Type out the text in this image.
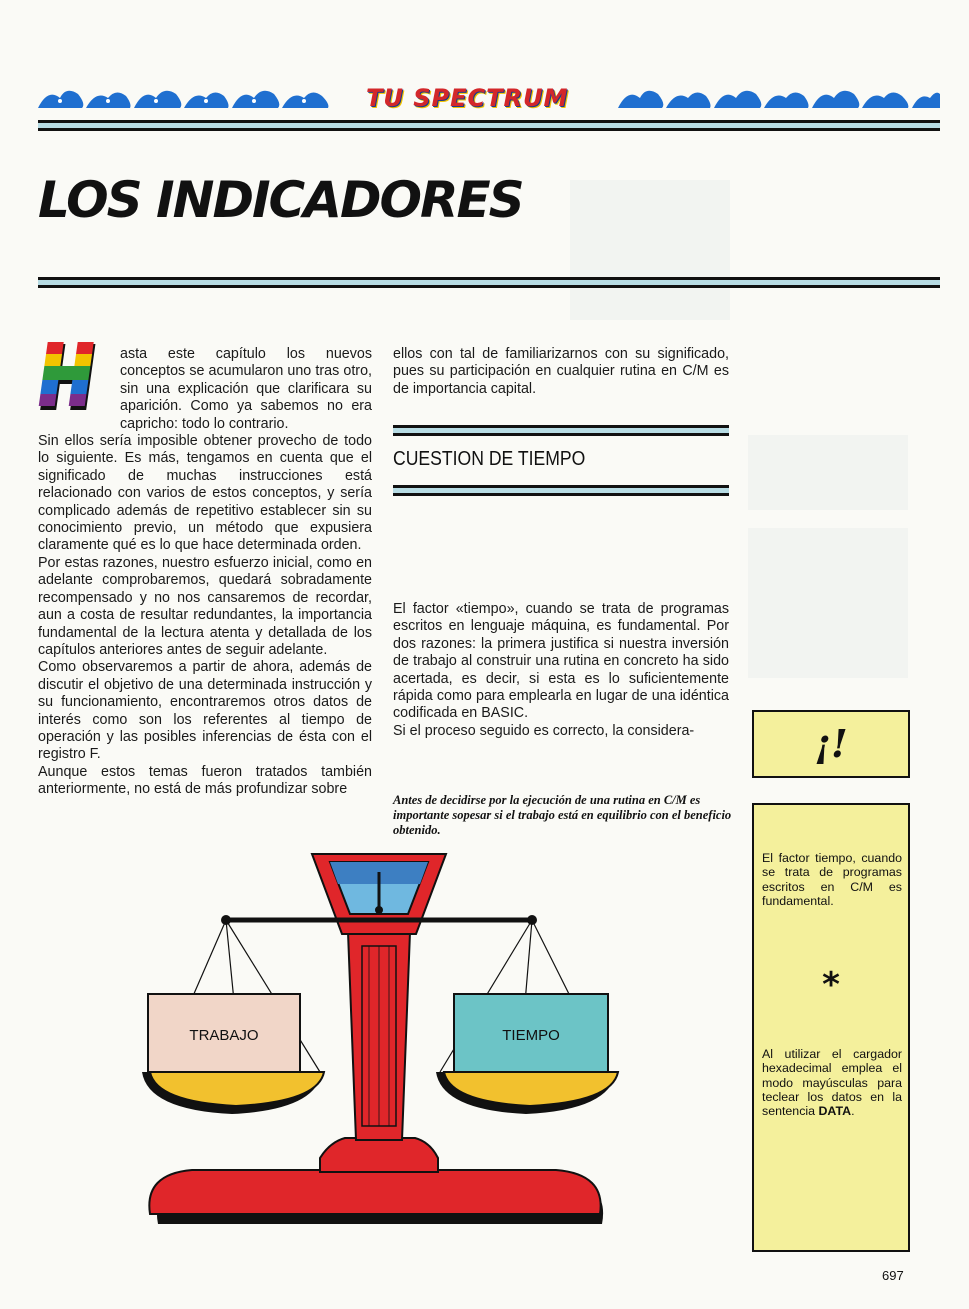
TU SPECTRUM
LOS INDICADORES

asta este capítulo los nuevos conceptos se acumularon uno tras otro, sin una explicación que clarificara su aparición. Como ya sabemos no era capricho: todo lo contrario.

Sin ellos sería imposible obtener provecho de todo lo siguiente. Es más, tengamos en cuenta que el significado de muchas instrucciones está relacionado con varios de estos conceptos, y sería complicado además de repetitivo establecer sin su conocimiento previo, un método que expusiera claramente qué es lo que hace determinada orden.

Por estas razones, nuestro esfuerzo inicial, como en adelante comprobaremos, quedará sobradamente recompensado y no nos cansaremos de recordar, aun a costa de resultar redundantes, la importancia fundamental de la lectura atenta y detallada de los capítulos anteriores antes de seguir adelante.

Como observaremos a partir de ahora, además de discutir el objetivo de una determinada instrucción y su funcionamiento, encontraremos otros datos de interés como son los referentes al tiempo de operación y las posibles inferencias de ésta con el registro F.

Aunque estos temas fueron tratados también anteriormente, no está de más profundizar sobre

ellos con tal de familiarizarnos con su significado, pues su participación en cualquier rutina en C/M es de importancia capital.

CUESTION DE TIEMPO

El factor «tiempo», cuando se trata de programas escritos en lenguaje máquina, es fundamental. Por dos razones: la primera justifica si nuestra inversión de trabajo al construir una rutina en concreto ha sido acertada, es decir, si esta es lo suficientemente rápida como para emplearla en lugar de una idéntica codificada en BASIC.

Si el proceso seguido es correcto, la considera-

Antes de decidirse por la ejecución de una rutina en C/M es importante sopesar si el trabajo está en equilibrio con el beneficio obtenido.
¡!
El factor tiempo, cuando se trata de programas escritos en C/M es fundamental.
*
Al utilizar el cargador hexadecimal emplea el modo mayúsculas para teclear los datos en la sentencia DATA.
TRABAJO	TIEMPO
697
